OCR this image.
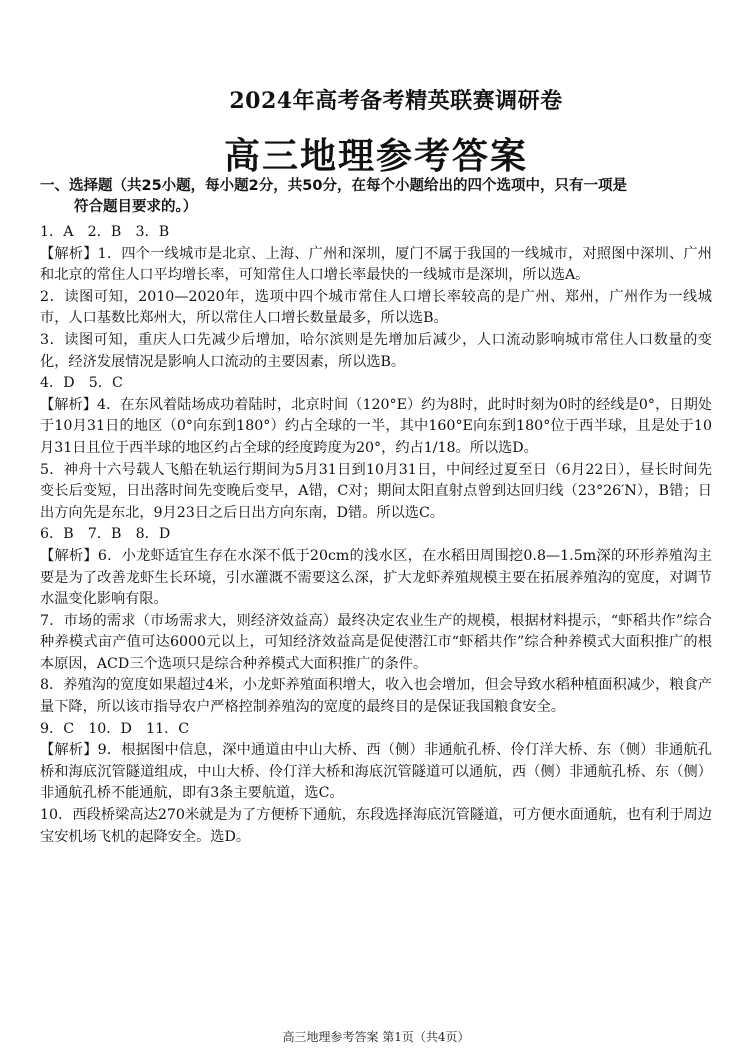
2024年高考备考精英联赛调研卷
高三地理参考答案
一、选择题（共25小题，每小题2分，共50分，在每个小题给出的四个选项中，只有一项是
符合题目要求的。）

1．A　2．B　3．B

【解析】1．四个一线城市是北京、上海、广州和深圳，厦门不属于我国的一线城市，对照图中深圳、广州和北京的常住人口平均增长率，可知常住人口增长率最快的一线城市是深圳，所以选A。

2．读图可知，2010—2020年，选项中四个城市常住人口增长率较高的是广州、郑州，广州作为一线城市，人口基数比郑州大，所以常住人口增长数量最多，所以选B。

3．读图可知，重庆人口先减少后增加，哈尔滨则是先增加后减少，人口流动影响城市常住人口数量的变化，经济发展情况是影响人口流动的主要因素，所以选B。

4．D　5．C

【解析】4．在东风着陆场成功着陆时，北京时间（120°E）约为8时，此时时刻为0时的经线是0°，日期处于10月31日的地区（0°向东到180°）约占全球的一半，其中160°E向东到180°位于西半球，且是处于10月31日且位于西半球的地区约占全球的经度跨度为20°，约占1/18。所以选D。

5．神舟十六号载人飞船在轨运行期间为5月31日到10月31日，中间经过夏至日（6月22日），昼长时间先变长后变短，日出落时间先变晚后变早，A错，C对；期间太阳直射点曾到达回归线（23°26′N），B错；日出方向先是东北，9月23日之后日出方向东南，D错。所以选C。

6．B　7．B　8．D

【解析】6．小龙虾适宜生存在水深不低于20cm的浅水区，在水稻田周围挖0.8—1.5m深的环形养殖沟主要是为了改善龙虾生长环境，引水灌溉不需要这么深，扩大龙虾养殖规模主要在拓展养殖沟的宽度，对调节水温变化影响有限。

7．市场的需求（市场需求大，则经济效益高）最终决定农业生产的规模，根据材料提示，“虾稻共作”综合种养模式亩产值可达6000元以上，可知经济效益高是促使潜江市“虾稻共作”综合种养模式大面积推广的根本原因，ACD三个选项只是综合种养模式大面积推广的条件。

8．养殖沟的宽度如果超过4米，小龙虾养殖面积增大，收入也会增加，但会导致水稻种植面积减少，粮食产量下降，所以该市指导农户严格控制养殖沟的宽度的最终目的是保证我国粮食安全。

9．C　10．D　11．C

【解析】9．根据图中信息，深中通道由中山大桥、西（侧）非通航孔桥、伶仃洋大桥、东（侧）非通航孔桥和海底沉管隧道组成，中山大桥、伶仃洋大桥和海底沉管隧道可以通航，西（侧）非通航孔桥、东（侧）非通航孔桥不能通航，即有3条主要航道，选C。

10．西段桥梁高达270米就是为了方便桥下通航，东段选择海底沉管隧道，可方便水面通航，也有利于周边宝安机场飞机的起降安全。选D。

高三地理参考答案 第1页（共4页）
